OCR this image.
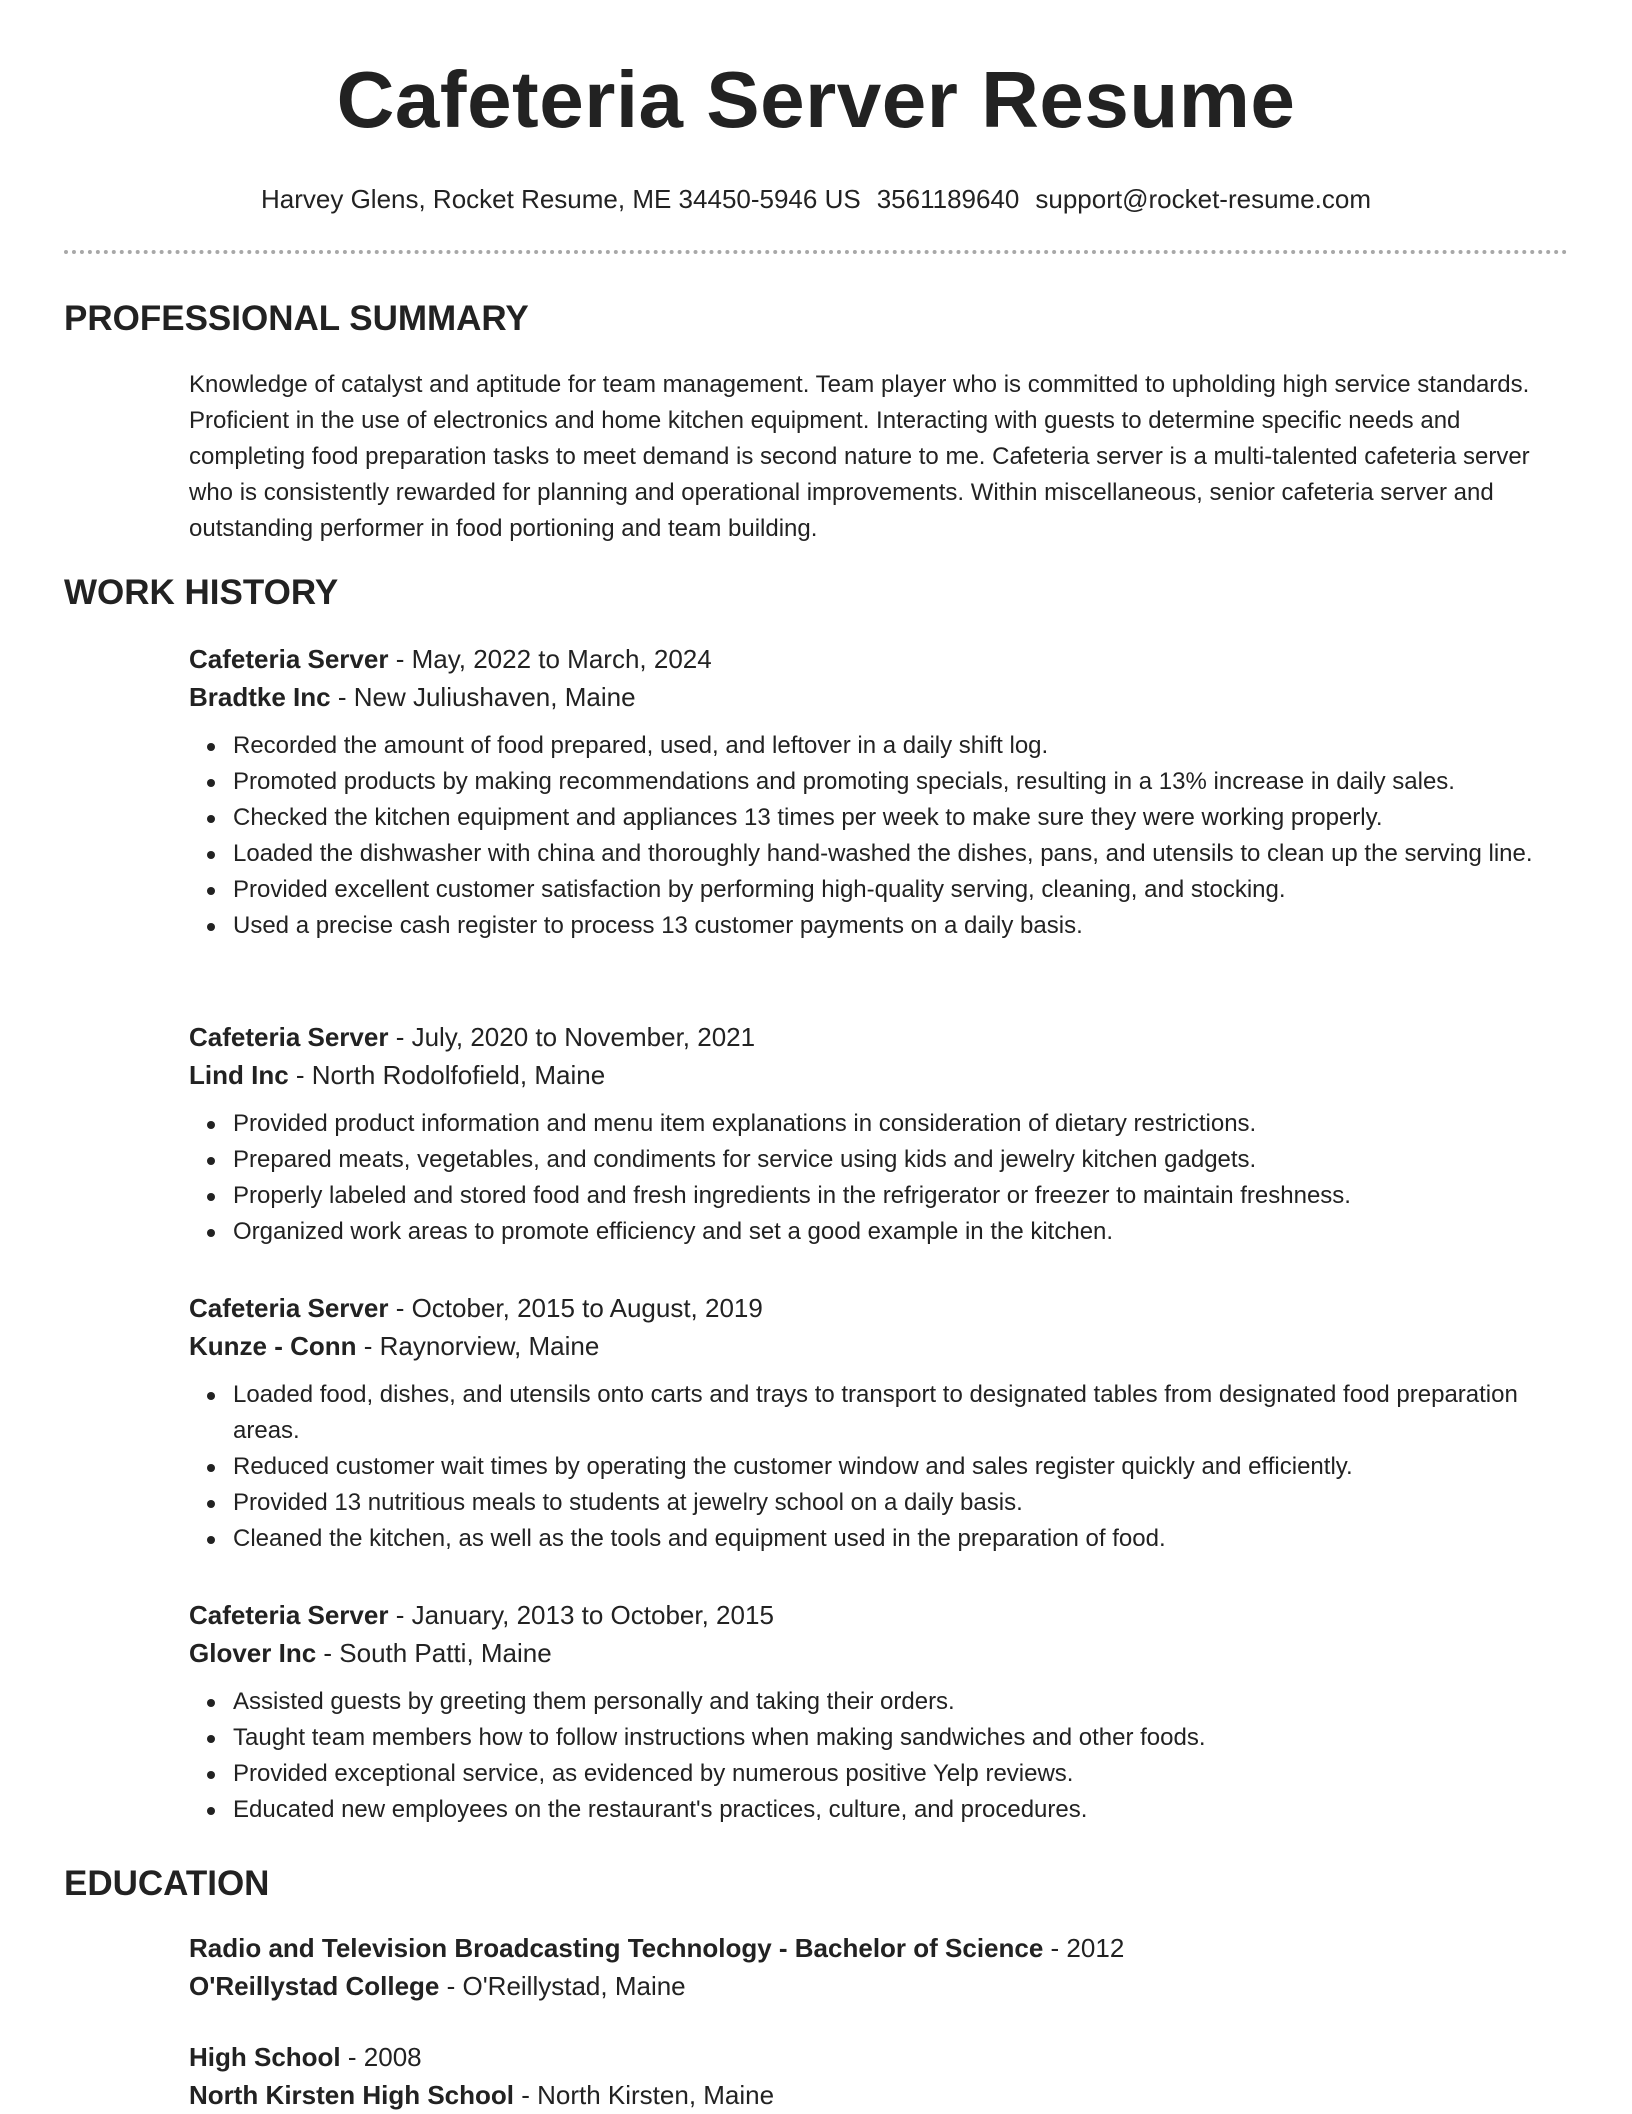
Cafeteria Server Resume
Harvey Glens, Rocket Resume, ME 34450-5946 US 3561189640 support@rocket-resume.com
PROFESSIONAL SUMMARY
Knowledge of catalyst and aptitude for team management. Team player who is committed to upholding high service standards. Proficient in the use of electronics and home kitchen equipment. Interacting with guests to determine specific needs and completing food preparation tasks to meet demand is second nature to me. Cafeteria server is a multi-talented cafeteria server who is consistently rewarded for planning and operational improvements. Within miscellaneous, senior cafeteria server and outstanding performer in food portioning and team building.
WORK HISTORY
Cafeteria Server - May, 2022 to March, 2024
Bradtke Inc - New Juliushaven, Maine
Recorded the amount of food prepared, used, and leftover in a daily shift log.
Promoted products by making recommendations and promoting specials, resulting in a 13% increase in daily sales.
Checked the kitchen equipment and appliances 13 times per week to make sure they were working properly.
Loaded the dishwasher with china and thoroughly hand-washed the dishes, pans, and utensils to clean up the serving line.
Provided excellent customer satisfaction by performing high-quality serving, cleaning, and stocking.
Used a precise cash register to process 13 customer payments on a daily basis.
Cafeteria Server - July, 2020 to November, 2021
Lind Inc - North Rodolfofield, Maine
Provided product information and menu item explanations in consideration of dietary restrictions.
Prepared meats, vegetables, and condiments for service using kids and jewelry kitchen gadgets.
Properly labeled and stored food and fresh ingredients in the refrigerator or freezer to maintain freshness.
Organized work areas to promote efficiency and set a good example in the kitchen.
Cafeteria Server - October, 2015 to August, 2019
Kunze - Conn - Raynorview, Maine
Loaded food, dishes, and utensils onto carts and trays to transport to designated tables from designated food preparation areas.
Reduced customer wait times by operating the customer window and sales register quickly and efficiently.
Provided 13 nutritious meals to students at jewelry school on a daily basis.
Cleaned the kitchen, as well as the tools and equipment used in the preparation of food.
Cafeteria Server - January, 2013 to October, 2015
Glover Inc - South Patti, Maine
Assisted guests by greeting them personally and taking their orders.
Taught team members how to follow instructions when making sandwiches and other foods.
Provided exceptional service, as evidenced by numerous positive Yelp reviews.
Educated new employees on the restaurant's practices, culture, and procedures.
EDUCATION
Radio and Television Broadcasting Technology - Bachelor of Science - 2012
O'Reillystad College - O'Reillystad, Maine
High School - 2008
North Kirsten High School - North Kirsten, Maine
